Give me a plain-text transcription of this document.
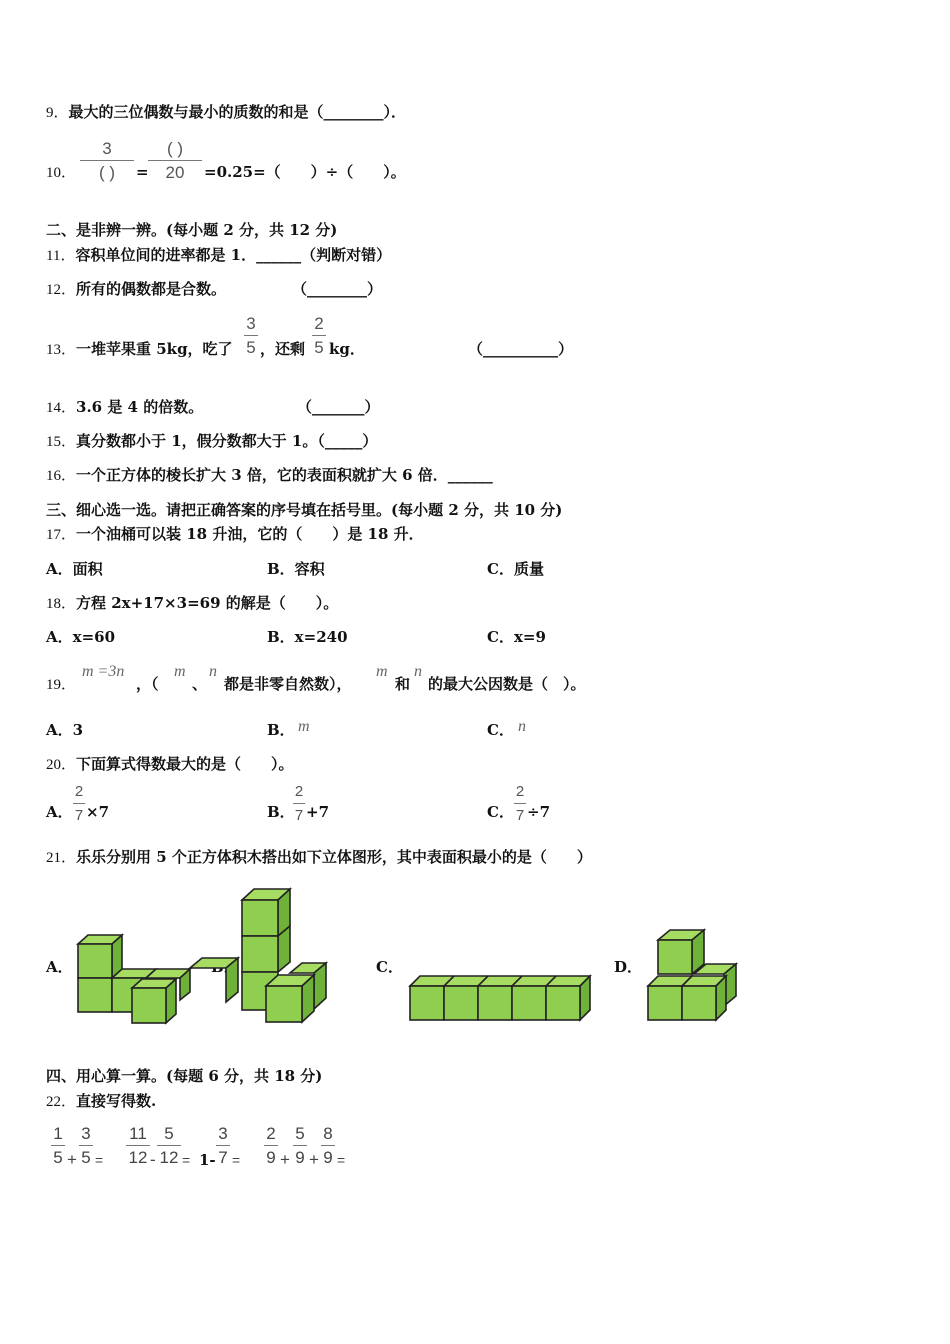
9．最大的三位偶数与最小的质数的和是（________）．
10．
3
( )	=
( )
20	=0.25=（　　）÷（　　）。
二、是非辨一辨。(每小题 2 分，共 12 分)
11．容积单位间的进率都是 1．______（判断对错）
12．所有的偶数都是合数。	（________）
13．一堆苹果重 5kg，吃了
3
5 ，还剩
2
5 kg．	（__________）
14．3.6 是 4 的倍数。	（_______）
15．真分数都小于 1，假分数都大于 1。（_____）
16．一个正方体的棱长扩大 3 倍，它的表面积就扩大 6 倍．______
三、细心选一选。请把正确答案的序号填在括号里。(每小题 2 分，共 10 分)
17．一个油桶可以装 18 升油，它的（　　）是 18 升．
A．面积	B．容积	C．质量
18．方程 2x+17×3=69 的解是（　　）。
A．x=60	B．x=240	C．x=9
19．
m =3n
，（
m
、
n
都是非零自然数），
m
和
n
的最大公因数是（　）。
A．3	B． m	C． n
20．下面算式得数最大的是（　　）。
A．
2
7 ×7	B．
2
7 +7	C．
2
7 ÷7
21．乐乐分别用 5 个正方体积木搭出如下立体图形，其中表面积最小的是（　　）
A．	C．	D．
四、用心算一算。(每题 6 分，共 18 分)
22．直接写得数.
1
5 +
3
5 =
11
12 -
5
12 = 1-
3
7 =
2
9 +
5
9 +
8
9 =
